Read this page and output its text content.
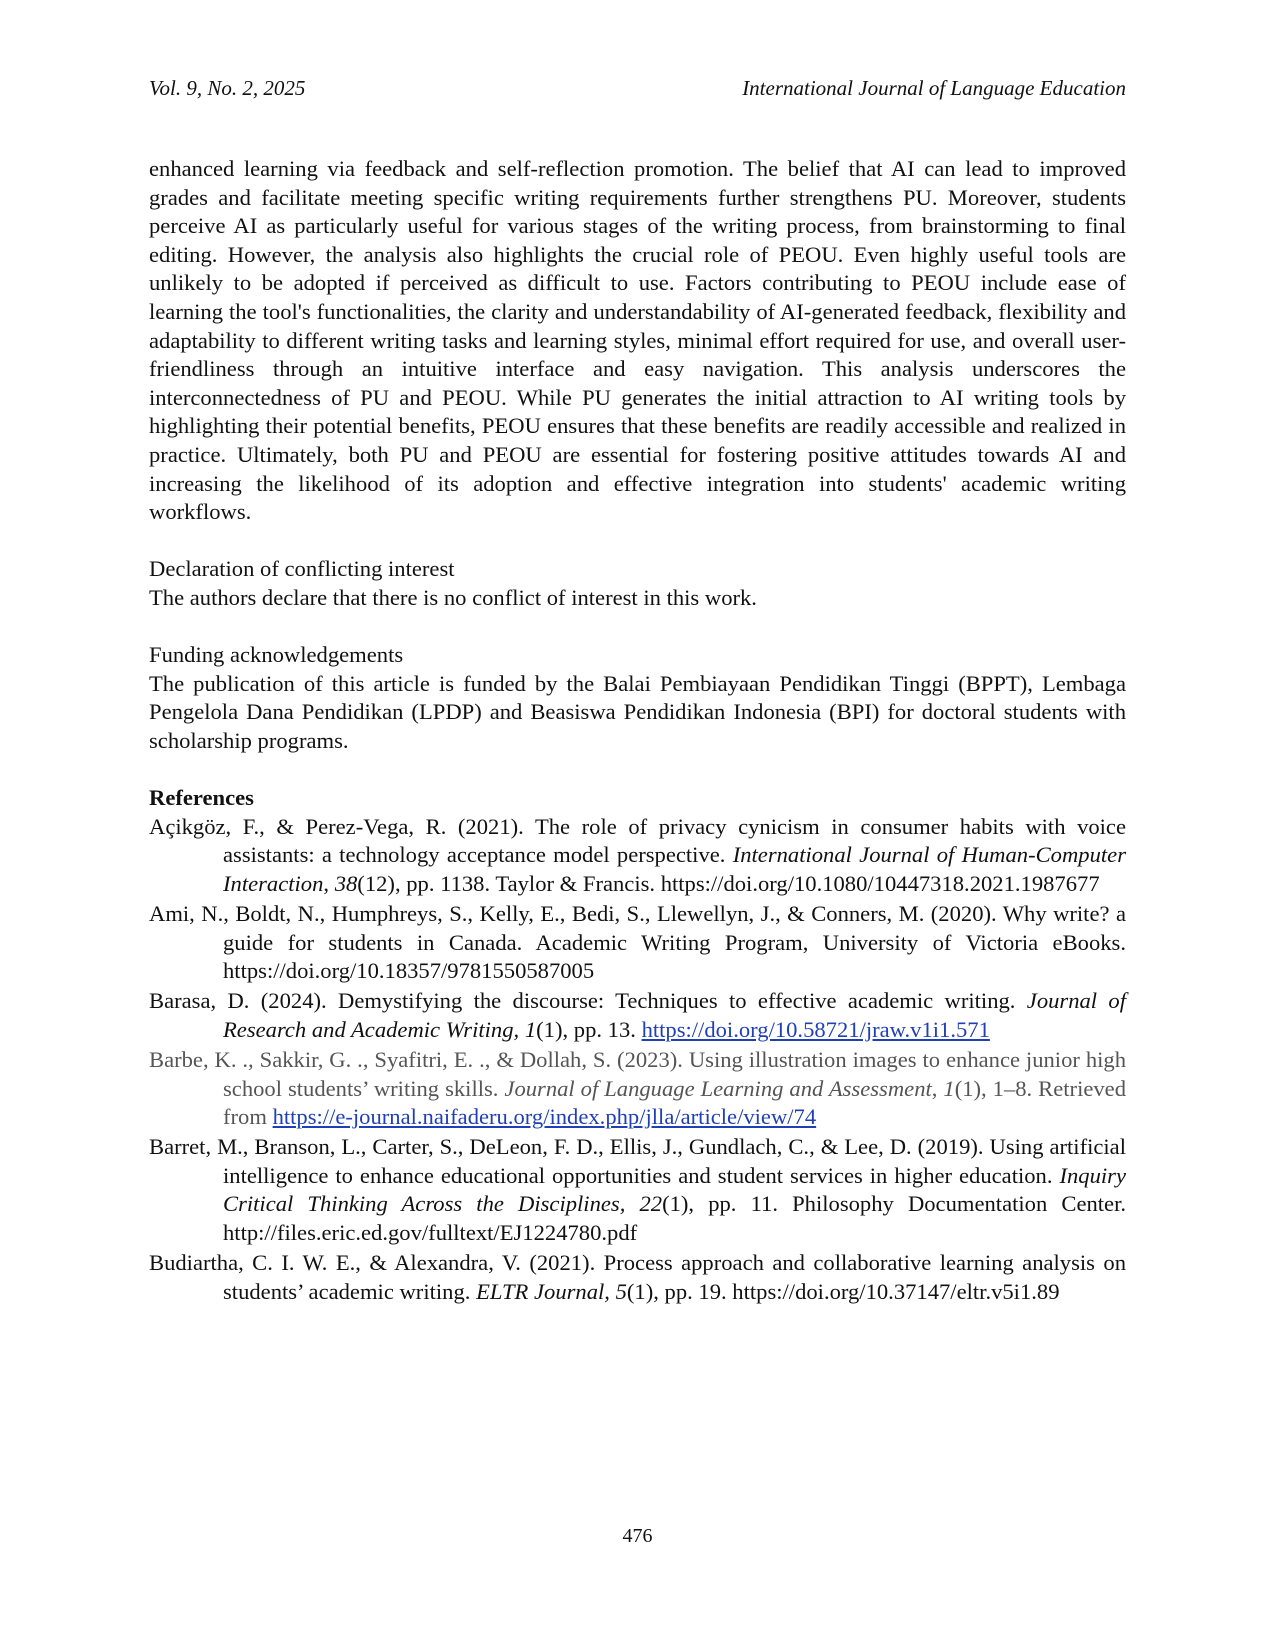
Vol. 9, No. 2, 2025	International Journal of Language Education

enhanced learning via feedback and self-reflection promotion. The belief that AI can lead to improved grades and facilitate meeting specific writing requirements further strengthens PU. Moreover, students perceive AI as particularly useful for various stages of the writing process, from brainstorming to final editing. However, the analysis also highlights the crucial role of PEOU. Even highly useful tools are unlikely to be adopted if perceived as difficult to use. Factors contributing to PEOU include ease of learning the tool's functionalities, the clarity and understandability of AI-generated feedback, flexibility and adaptability to different writing tasks and learning styles, minimal effort required for use, and overall user-friendliness through an intuitive interface and easy navigation. This analysis underscores the interconnectedness of PU and PEOU. While PU generates the initial attraction to AI writing tools by highlighting their potential benefits, PEOU ensures that these benefits are readily accessible and realized in practice. Ultimately, both PU and PEOU are essential for fostering positive attitudes towards AI and increasing the likelihood of its adoption and effective integration into students' academic writing workflows.

Declaration of conflicting interest

The authors declare that there is no conflict of interest in this work.

Funding acknowledgements

The publication of this article is funded by the Balai Pembiayaan Pendidikan Tinggi (BPPT), Lembaga Pengelola Dana Pendidikan (LPDP) and Beasiswa Pendidikan Indonesia (BPI) for doctoral students with scholarship programs.

References

Açikgöz, F., & Perez-Vega, R. (2021). The role of privacy cynicism in consumer habits with voice assistants: a technology acceptance model perspective. International Journal of Human-Computer Interaction, 38(12), pp. 1138. Taylor & Francis. https://doi.org/10.1080/10447318.2021.1987677

Ami, N., Boldt, N., Humphreys, S., Kelly, E., Bedi, S., Llewellyn, J., & Conners, M. (2020). Why write? a guide for students in Canada. Academic Writing Program, University of Victoria eBooks. https://doi.org/10.18357/9781550587005

Barasa, D. (2024). Demystifying the discourse: Techniques to effective academic writing. Journal of Research and Academic Writing, 1(1), pp. 13. https://doi.org/10.58721/jraw.v1i1.571

Barbe, K. ., Sakkir, G. ., Syafitri, E. ., & Dollah, S. (2023). Using illustration images to enhance junior high school students’ writing skills. Journal of Language Learning and Assessment, 1(1), 1–8. Retrieved from https://e-journal.naifaderu.org/index.php/jlla/article/view/74

Barret, M., Branson, L., Carter, S., DeLeon, F. D., Ellis, J., Gundlach, C., & Lee, D. (2019). Using artificial intelligence to enhance educational opportunities and student services in higher education. Inquiry Critical Thinking Across the Disciplines, 22(1), pp. 11. Philosophy Documentation Center. http://files.eric.ed.gov/fulltext/EJ1224780.pdf

Budiartha, C. I. W. E., & Alexandra, V. (2021). Process approach and collaborative learning analysis on students’ academic writing. ELTR Journal, 5(1), pp. 19. https://doi.org/10.37147/eltr.v5i1.89

476
